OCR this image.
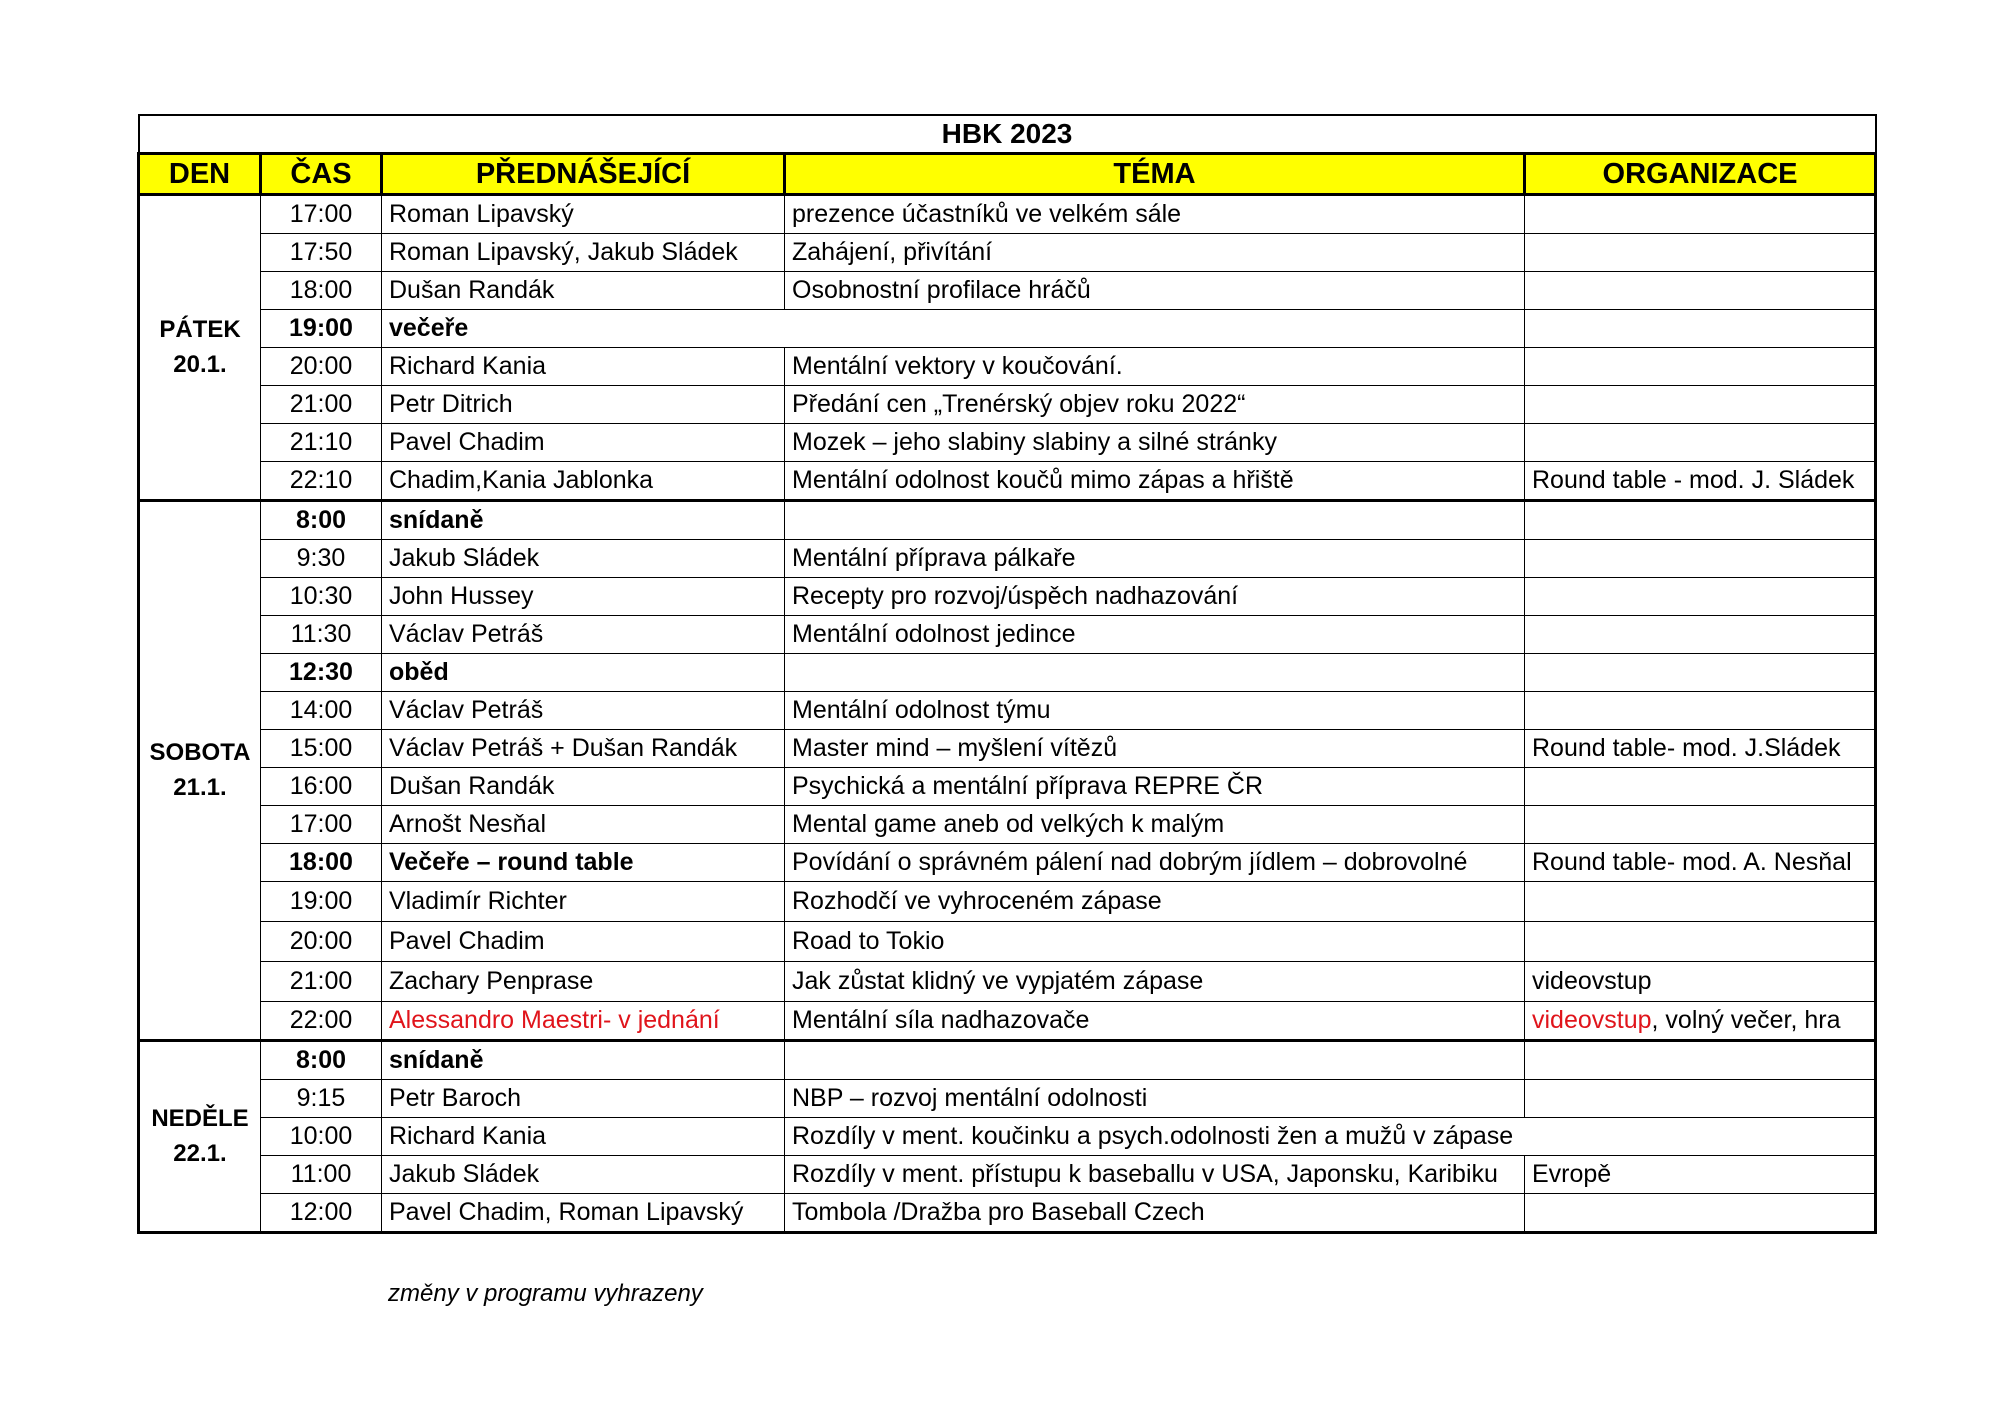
HBK 2023				
DEN	ČAS	PŘEDNÁŠEJÍCÍ	TÉMA	ORGANIZACE
PÁTEK
20.1.	17:00	Roman Lipavský	prezence účastníků ve velkém sále	
	17:50	Roman Lipavský, Jakub Sládek	Zahájení, přivítání	
	18:00	Dušan Randák	Osobnostní profilace hráčů	
	19:00	večeře		
	20:00	Richard Kania	Mentální vektory v koučování.	
	21:00	Petr Ditrich	Předání cen „Trenérský objev roku 2022“	
	21:10	Pavel Chadim	Mozek – jeho slabiny slabiny a silné stránky	
	22:10	Chadim,Kania Jablonka	Mentální odolnost koučů mimo zápas a hřiště	Round table - mod. J. Sládek
SOBOTA
21.1.	8:00	snídaně		
	9:30	Jakub Sládek	Mentální příprava pálkaře	
	10:30	John Hussey	Recepty pro rozvoj/úspěch nadhazování	
	11:30	Václav Petráš	Mentální odolnost jedince	
	12:30	oběd		
	14:00	Václav Petráš	Mentální odolnost týmu	
	15:00	Václav Petráš + Dušan Randák	Master mind – myšlení vítězů	Round table- mod. J.Sládek
	16:00	Dušan Randák	Psychická a mentální příprava REPRE ČR	
	17:00	Arnošt Nesňal	Mental game aneb od velkých k malým	
	18:00	Večeře – round table	Povídání o správném pálení nad dobrým jídlem – dobrovolné	Round table- mod. A. Nesňal
	19:00	Vladimír Richter	Rozhodčí ve vyhroceném zápase	
	20:00	Pavel Chadim	Road to Tokio	
	21:00	Zachary Penprase	Jak zůstat klidný ve vypjatém zápase	videovstup
	22:00	Alessandro Maestri- v jednání	Mentální síla nadhazovače	videovstup, volný večer, hra
NEDĚLE
22.1.	8:00	snídaně		
	9:15	Petr Baroch	NBP – rozvoj mentální odolnosti	
	10:00	Richard Kania	Rozdíly v ment. koučinku a psych.odolnosti žen a mužů v zápase	
	11:00	Jakub Sládek	Rozdíly v ment. přístupu k baseballu v USA, Japonsku, Karibiku	Evropě
	12:00	Pavel Chadim, Roman Lipavský	Tombola /Dražba pro Baseball Czech	
změny v programu vyhrazeny
